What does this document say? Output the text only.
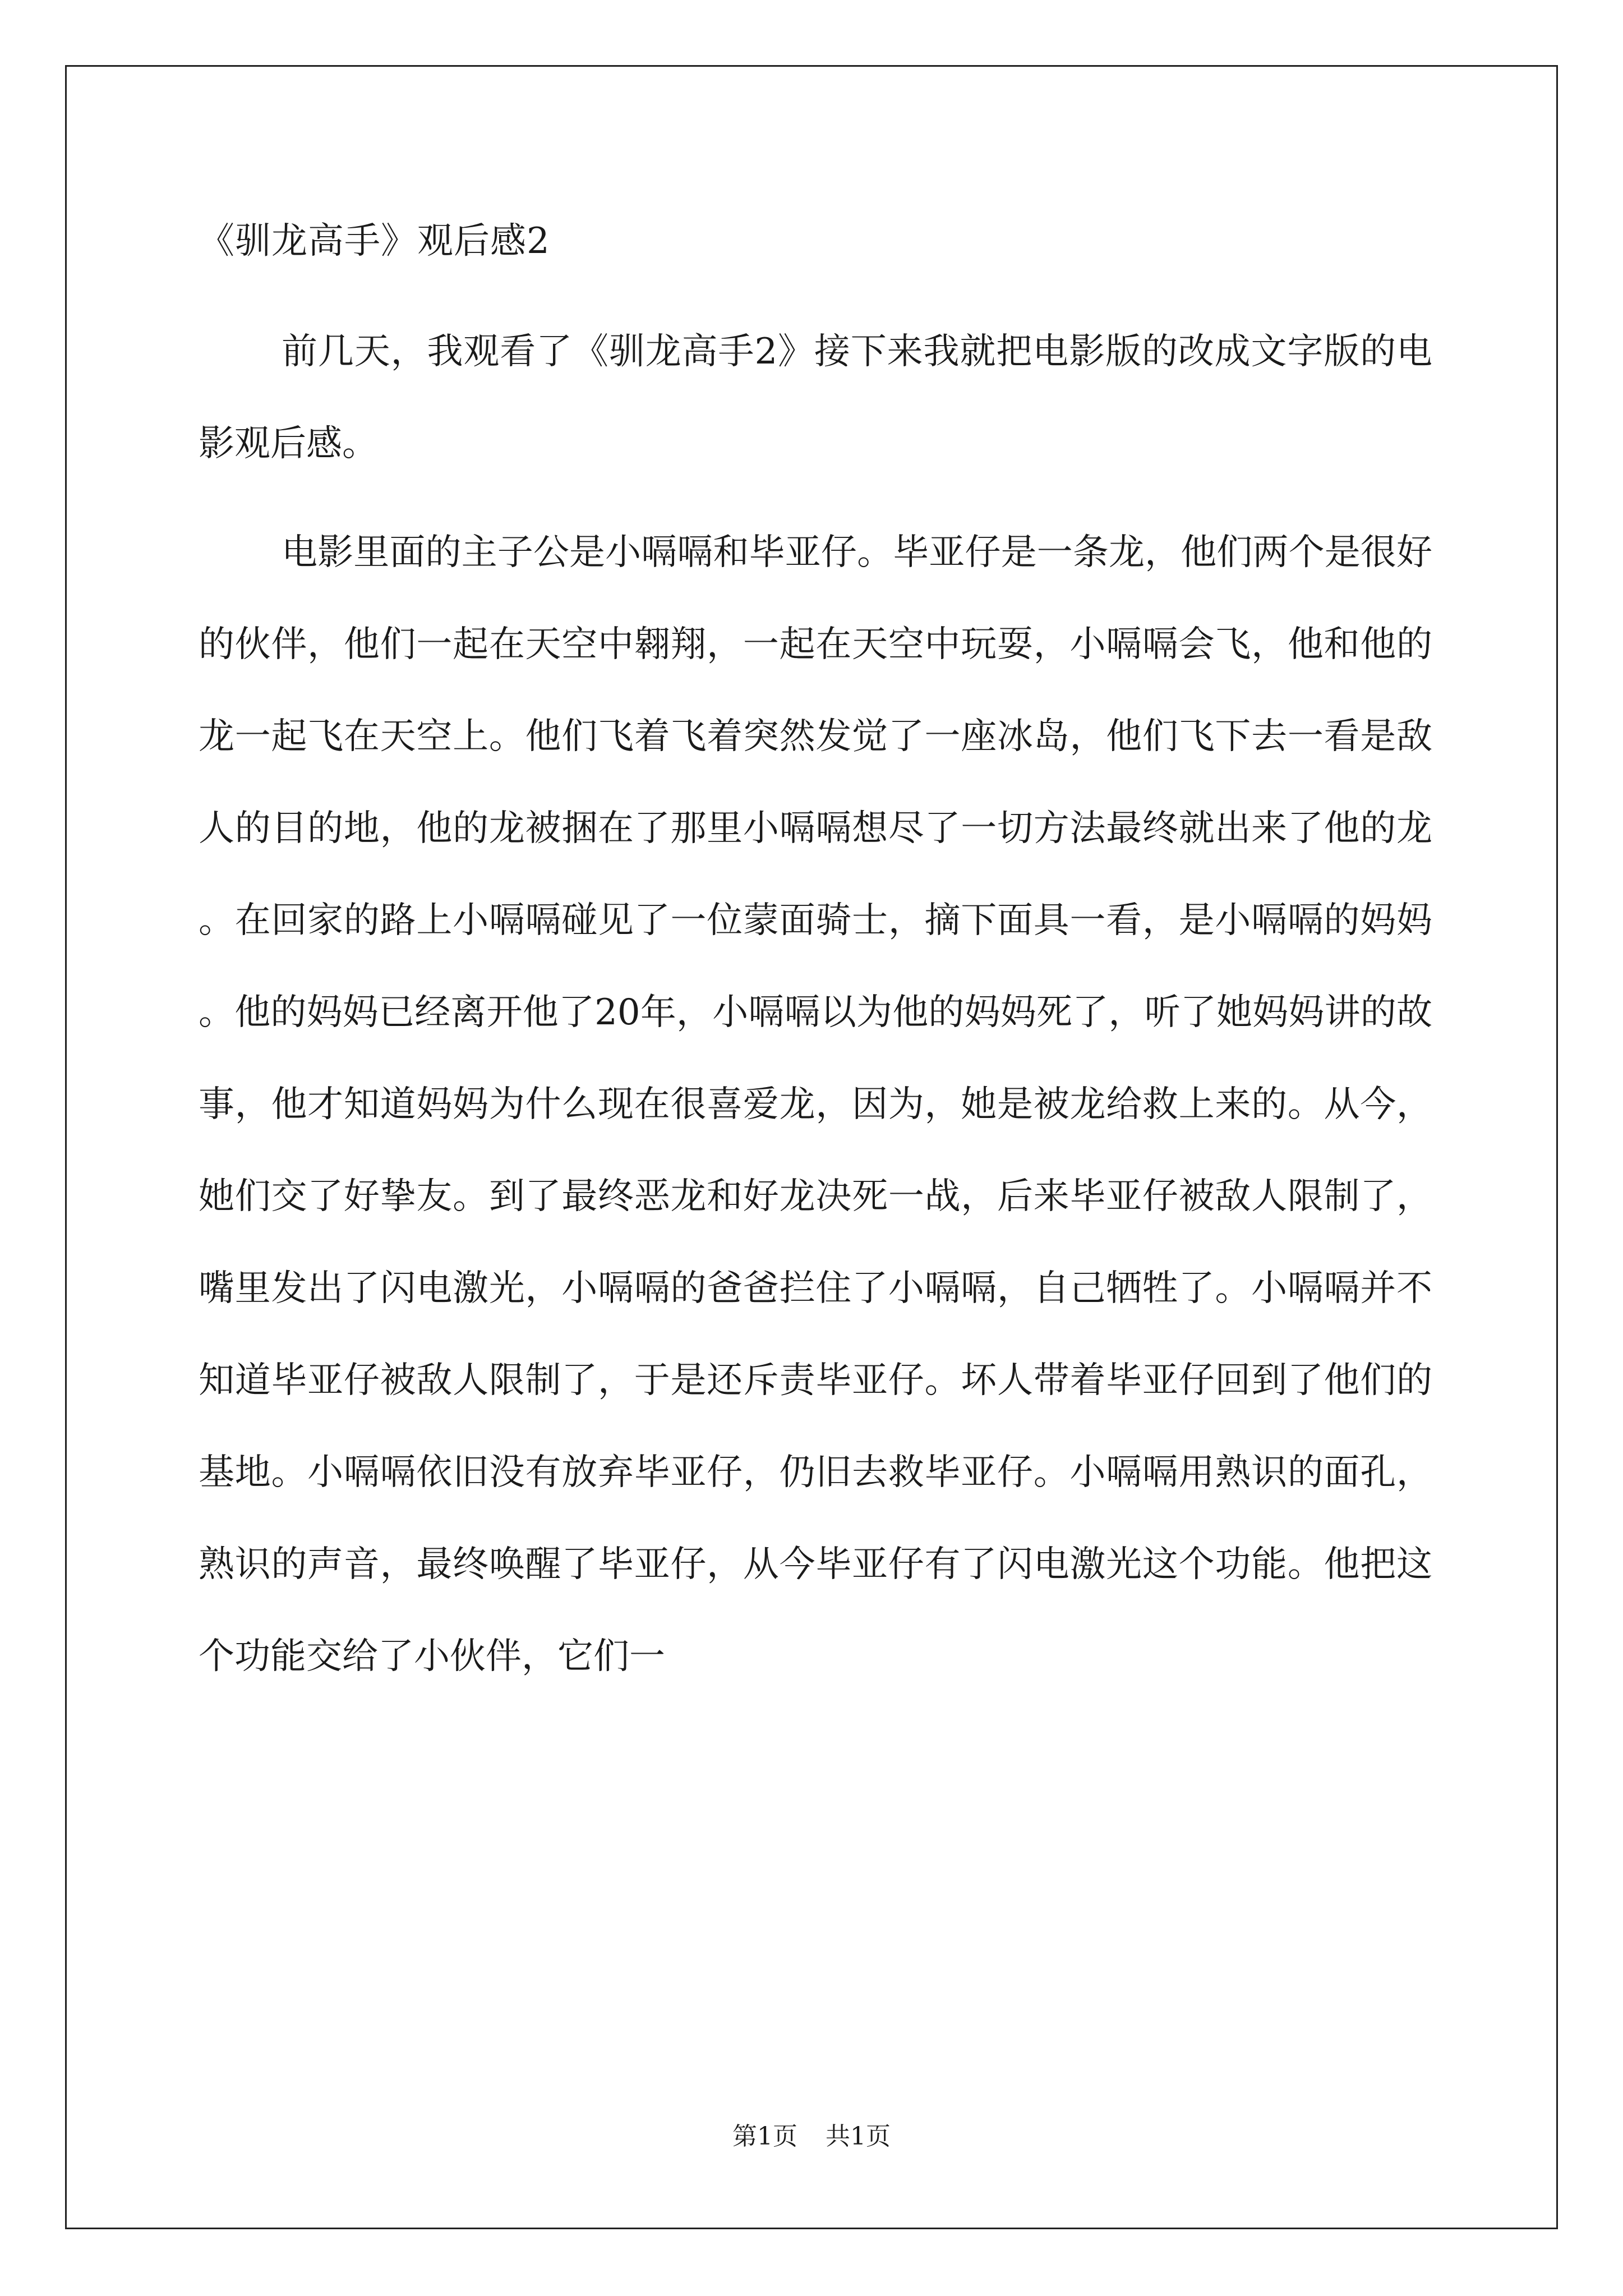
《驯龙高手》观后感2

前几天，我观看了《驯龙高手2》接下来我就把电影版的改成文字版的电影观后感。

电影里面的主子公是小嗝嗝和毕亚仔。毕亚仔是一条龙，他们两个是很好的伙伴，他们一起在天空中翱翔，一起在天空中玩耍，小嗝嗝会飞，他和他的龙一起飞在天空上。他们飞着飞着突然发觉了一座冰岛，他们飞下去一看是敌人的目的地，他的龙被捆在了那里小嗝嗝想尽了一切方法最终就出来了他的龙。在回家的路上小嗝嗝碰见了一位蒙面骑士，摘下面具一看，是小嗝嗝的妈妈。他的妈妈已经离开他了20年，小嗝嗝以为他的妈妈死了，听了她妈妈讲的故事，他才知道妈妈为什么现在很喜爱龙，因为，她是被龙给救上来的。从今，她们交了好挚友。到了最终恶龙和好龙决死一战，后来毕亚仔被敌人限制了，嘴里发出了闪电激光，小嗝嗝的爸爸拦住了小嗝嗝，自己牺牲了。小嗝嗝并不知道毕亚仔被敌人限制了，于是还斥责毕亚仔。坏人带着毕亚仔回到了他们的基地。小嗝嗝依旧没有放弃毕亚仔，仍旧去救毕亚仔。小嗝嗝用熟识的面孔，熟识的声音，最终唤醒了毕亚仔，从今毕亚仔有了闪电激光这个功能。他把这个功能交给了小伙伴，它们一

第1页 共1页
